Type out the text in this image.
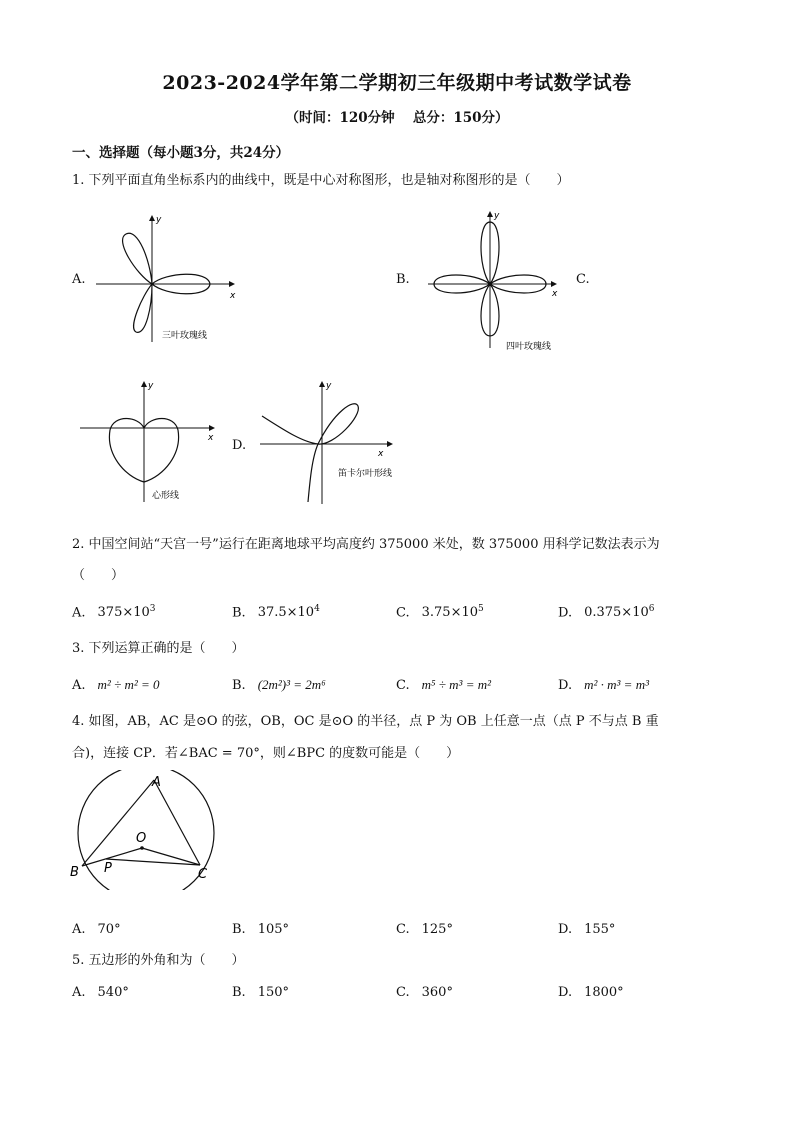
2023-2024学年第二学期初三年级期中考试数学试卷
（时间：120分钟　 总分：150分）
一、选择题（每小题3分，共24分）
1. 下列平面直角坐标系内的曲线中，既是中心对称图形，也是轴对称图形的是（　　）
A.	B.	C.
D.
x
y
三叶玫瑰线
x
y
四叶玫瑰线
x
y
心形线
x
y
笛卡尔叶形线
2. 中国空间站“天宫一号”运行在距离地球平均高度约 375000 米处，数 375000 用科学记数法表示为
（　　）
A. $375\times 10^3$	B. $37.5\times 10^4$	C. $3.75\times 10^5$	D. $0.375\times 10^6$
3. 下列运算正确的是（　　）
A. m² ÷ m² = 0	B. (2m²)³ = 2m⁶	C. m⁵ ÷ m³ = m²	D. m² · m³ = m³
4. 如图，AB，AC 是⊙O 的弦，OB，OC 是⊙O 的半径，点 P 为 OB 上任意一点（点 P 不与点 B 重
合)，连接 CP．若∠BAC = 70°，则∠BPC 的度数可能是（　　）
A
B	C
O
P
A. 70°	B. 105°	C. 125°	D. 155°
5. 五边形的外角和为（　　）
A. 540°	B. 150°	C. 360°	D. 1800°
